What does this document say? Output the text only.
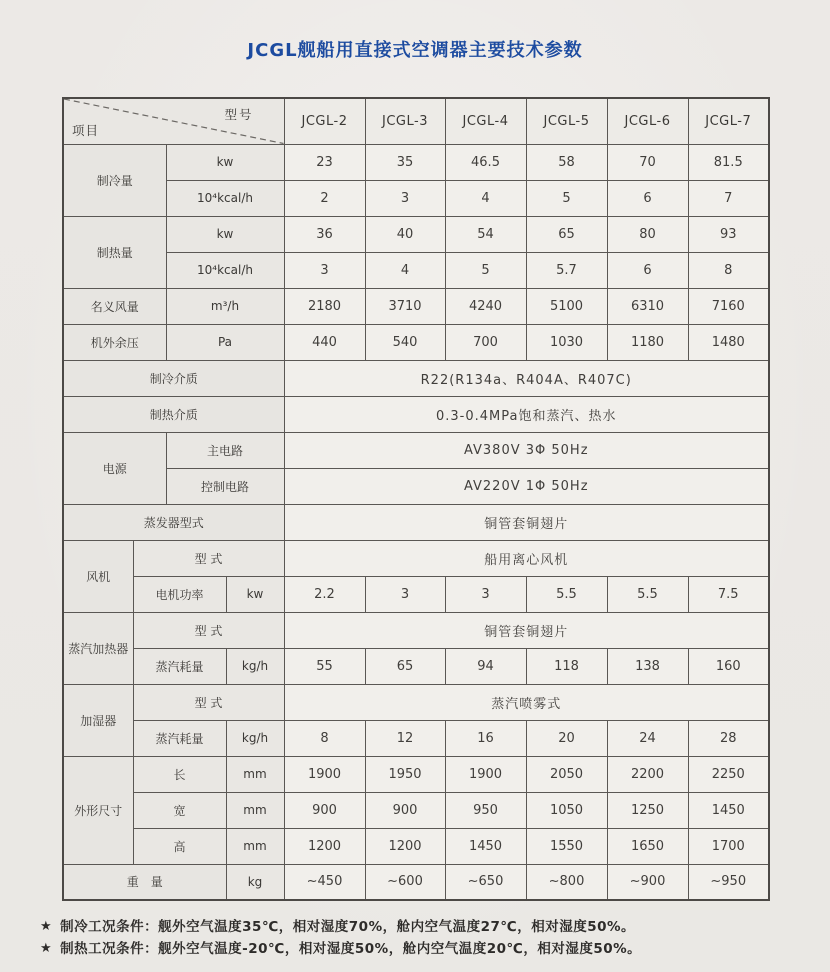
JCGL舰船用直接式空调器主要技术参数
型号
项目				JCGL-2	JCGL-3	JCGL-4	JCGL-5	JCGL-6	JCGL-7
制冷量		kw		23	35	46.5	58	70	81.5
		10⁴kcal/h		2	3	4	5	6	7
制热量		kw		36	40	54	65	80	93
		10⁴kcal/h		3	4	5	5.7	6	8
名义风量		m³/h		2180	3710	4240	5100	6310	7160
机外余压		Pa		440	540	700	1030	1180	1480
制冷介质				R22(R134a、R404A、R407C)					
制热介质				0.3-0.4MPa饱和蒸汽、热水					
电源		主电路		AV380V 3Φ 50Hz					
		控制电路		AV220V 1Φ 50Hz					
蒸发器型式				铜管套铜翅片					
风机	型 式			船用离心风机					
	电机功率		kw	2.2	3	3	5.5	5.5	7.5
蒸汽加热器	型 式			铜管套铜翅片					
	蒸汽耗量		kg/h	55	65	94	118	138	160
加湿器	型 式			蒸汽喷雾式					
	蒸汽耗量		kg/h	8	12	16	20	24	28
外形尺寸	长		mm	1900	1950	1900	2050	2200	2250
	宽		mm	900	900	950	1050	1250	1450
	高		mm	1200	1200	1450	1550	1650	1700
重　量			kg	~450	~600	~650	~800	~900	~950
★ 制冷工况条件：舰外空气温度35℃，相对湿度70%，舱内空气温度27℃，相对湿度50%。
★ 制热工况条件：舰外空气温度-20℃，相对湿度50%，舱内空气温度20℃，相对湿度50%。
